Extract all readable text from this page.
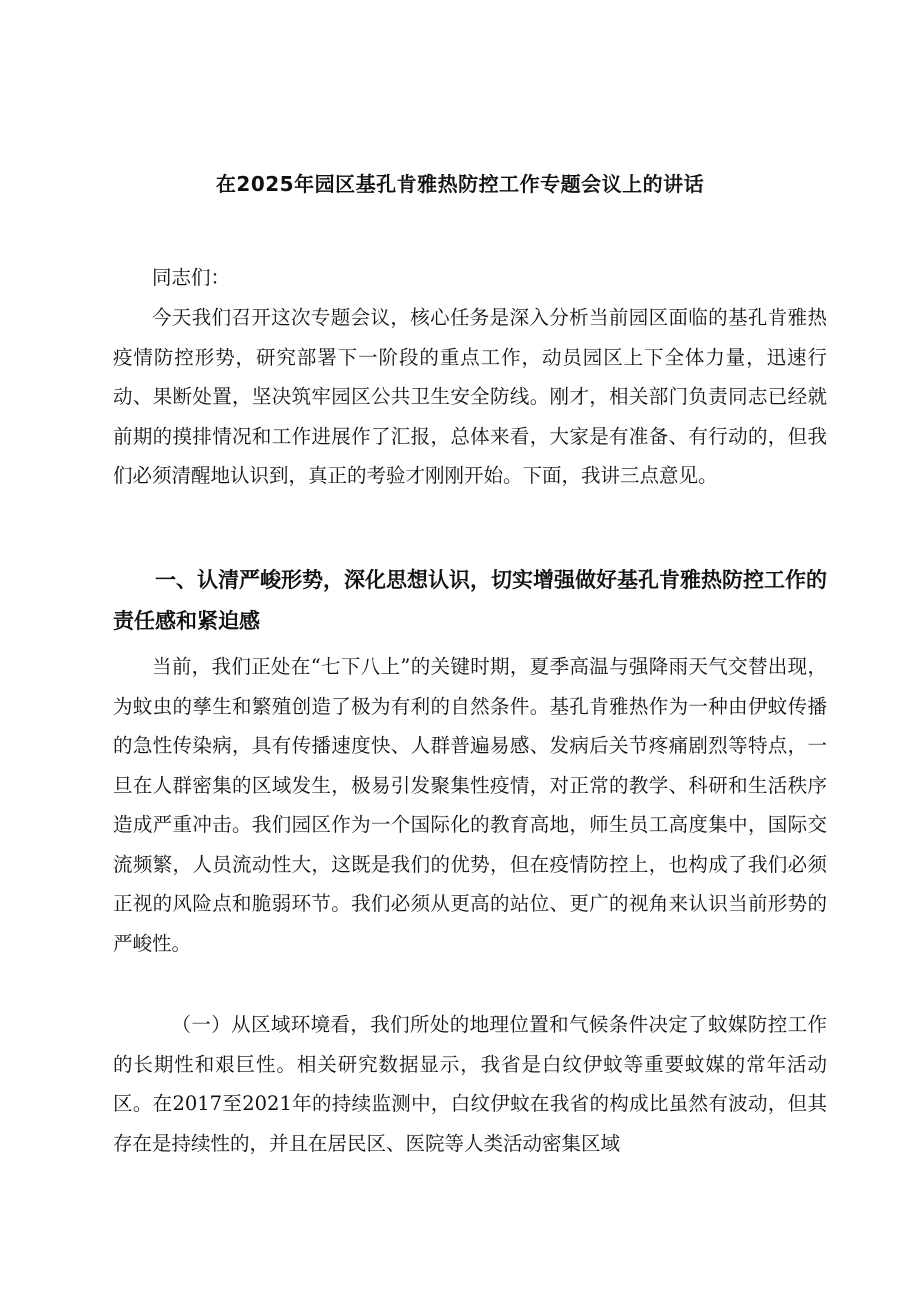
在2025年园区基孔肯雅热防控工作专题会议上的讲话

同志们：

今天我们召开这次专题会议，核心任务是深入分析当前园区面临的基孔肯雅热疫情防控形势，研究部署下一阶段的重点工作，动员园区上下全体力量，迅速行动、果断处置，坚决筑牢园区公共卫生安全防线。刚才，相关部门负责同志已经就前期的摸排情况和工作进展作了汇报，总体来看，大家是有准备、有行动的，但我们必须清醒地认识到，真正的考验才刚刚开始。下面，我讲三点意见。

一、认清严峻形势，深化思想认识，切实增强做好基孔肯雅热防控工作的责任感和紧迫感

当前，我们正处在“七下八上”的关键时期，夏季高温与强降雨天气交替出现，为蚊虫的孳生和繁殖创造了极为有利的自然条件。基孔肯雅热作为一种由伊蚊传播的急性传染病，具有传播速度快、人群普遍易感、发病后关节疼痛剧烈等特点，一旦在人群密集的区域发生，极易引发聚集性疫情，对正常的教学、科研和生活秩序造成严重冲击。我们园区作为一个国际化的教育高地，师生员工高度集中，国际交流频繁，人员流动性大，这既是我们的优势，但在疫情防控上，也构成了我们必须正视的风险点和脆弱环节。我们必须从更高的站位、更广的视角来认识当前形势的严峻性。

（一）从区域环境看，我们所处的地理位置和气候条件决定了蚊媒防控工作的长期性和艰巨性。相关研究数据显示，我省是白纹伊蚊等重要蚊媒的常年活动区。在2017至2021年的持续监测中，白纹伊蚊在我省的构成比虽然有波动，但其存在是持续性的，并且在居民区、医院等人类活动密集区域
